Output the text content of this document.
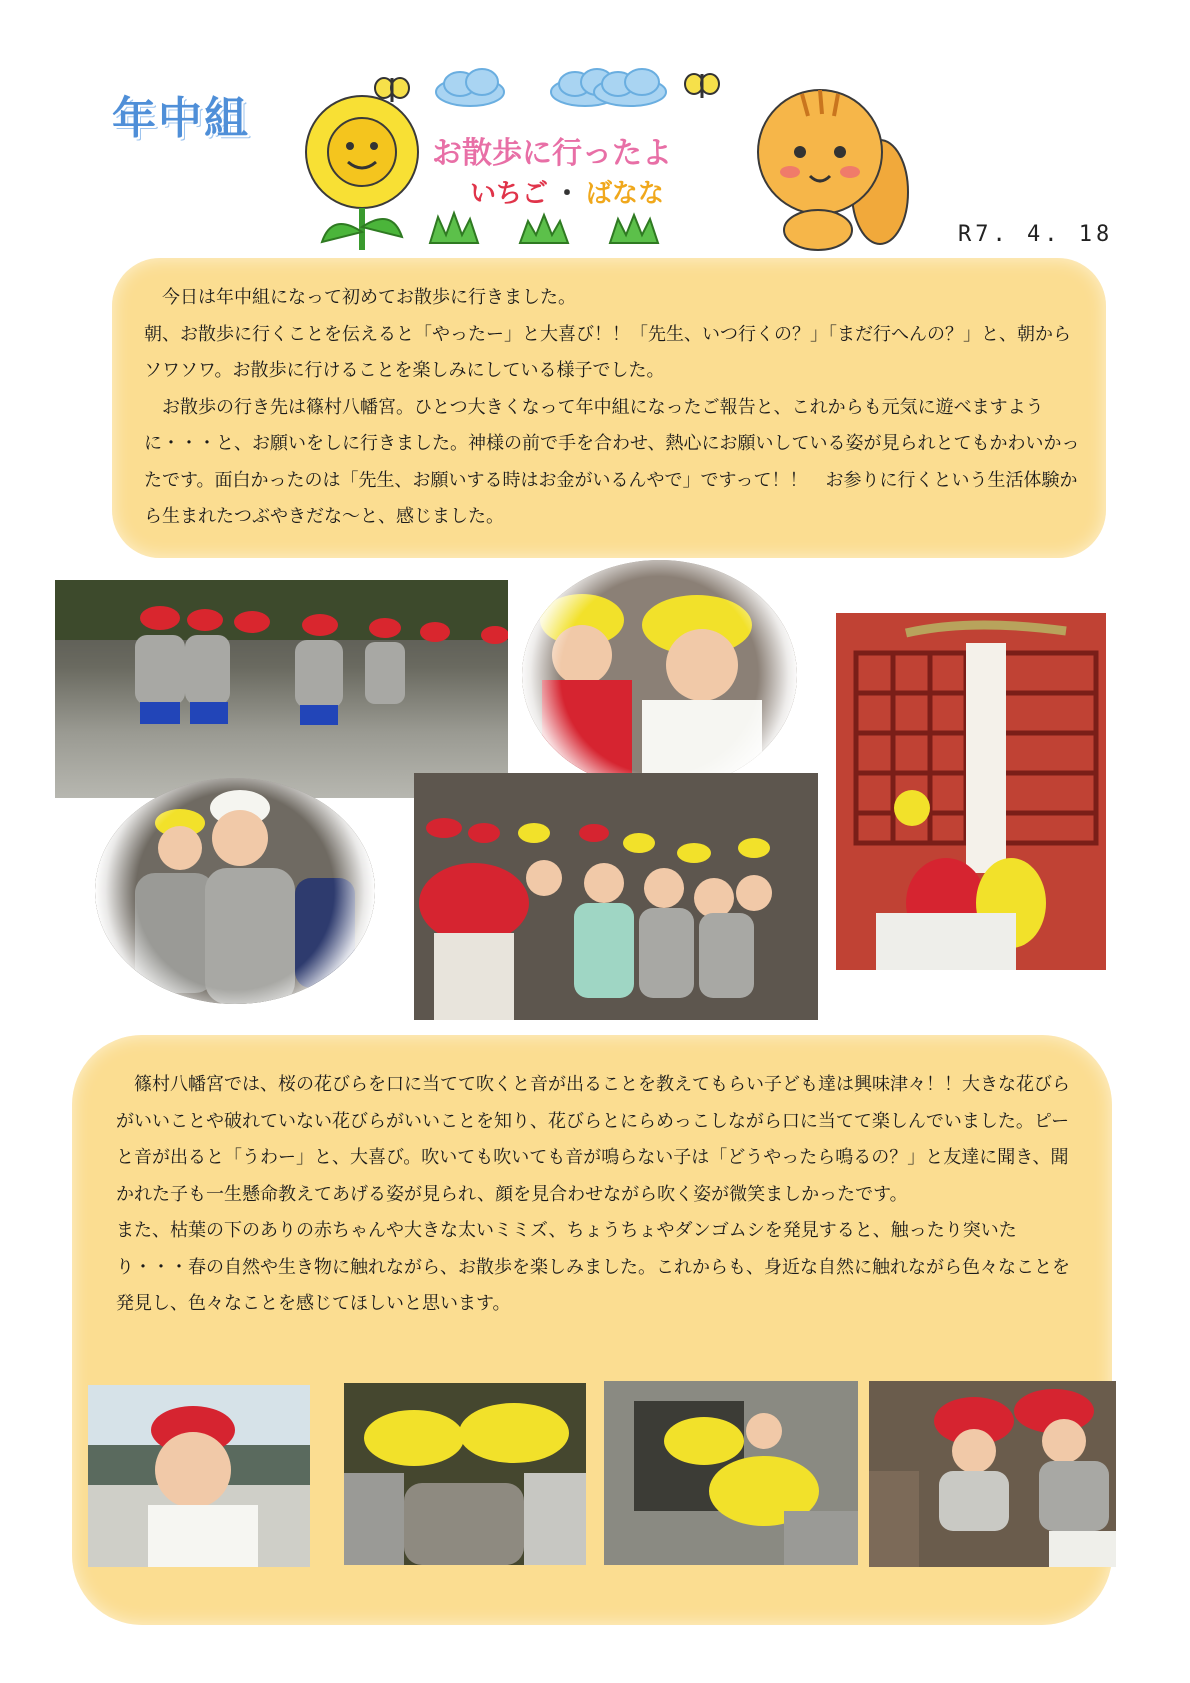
年中組
お散歩に行ったよ
いちご ・ ばなな
R7. 4. 18

　今日は年中組になって初めてお散歩に行きました。

朝、お散歩に行くことを伝えると「やったー」と大喜び！！「先生、いつ行くの？」「まだ行へんの？」と、朝からソワソワ。お散歩に行けることを楽しみにしている様子でした。

　お散歩の行き先は篠村八幡宮。ひとつ大きくなって年中組になったご報告と、これからも元気に遊べますように・・・と、お願いをしに行きました。神様の前で手を合わせ、熱心にお願いしている姿が見られとてもかわいかったです。面白かったのは「先生、お願いする時はお金がいるんやで」ですって！！　お参りに行くという生活体験から生まれたつぶやきだな～と、感じました。

　篠村八幡宮では、桜の花びらを口に当てて吹くと音が出ることを教えてもらい子ども達は興味津々！！大きな花びらがいいことや破れていない花びらがいいことを知り、花びらとにらめっこしながら口に当てて楽しんでいました。ピーと音が出ると「うわー」と、大喜び。吹いても吹いても音が鳴らない子は「どうやったら鳴るの？」と友達に聞き、聞かれた子も一生懸命教えてあげる姿が見られ、顔を見合わせながら吹く姿が微笑ましかったです。

また、枯葉の下のありの赤ちゃんや大きな太いミミズ、ちょうちょやダンゴムシを発見すると、触ったり突いたり・・・春の自然や生き物に触れながら、お散歩を楽しみました。これからも、身近な自然に触れながら色々なことを発見し、色々なことを感じてほしいと思います。
